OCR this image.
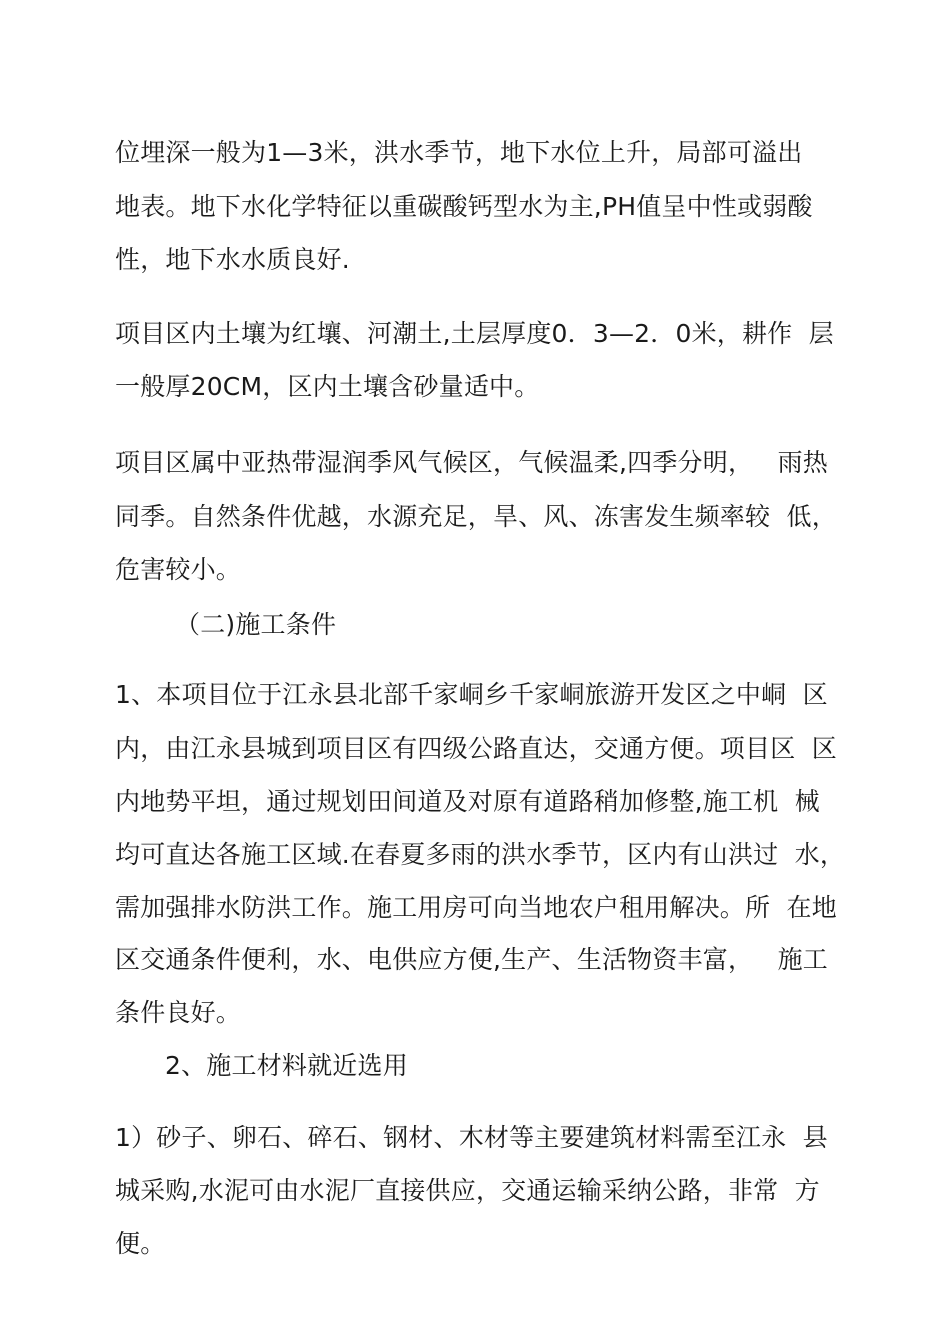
位埋深一般为1—3米，洪水季节，地下水位上升，局部可溢出
地表。地下水化学特征以重碳酸钙型水为主,PH值呈中性或弱酸
性，地下水水质良好.
项目区内土壤为红壤、河潮土,土层厚度0．3—2．0米，耕作  层
一般厚20CM，区内土壤含砂量适中。
项目区属中亚热带湿润季风气候区，气候温柔,四季分明，   雨热
同季。自然条件优越，水源充足，旱、风、冻害发生频率较  低，
危害较小。
（二)施工条件
1、本项目位于江永县北部千家峒乡千家峒旅游开发区之中峒  区
内，由江永县城到项目区有四级公路直达，交通方便。项目区  区
内地势平坦，通过规划田间道及对原有道路稍加修整,施工机  械
均可直达各施工区域.在春夏多雨的洪水季节，区内有山洪过  水，
需加强排水防洪工作。施工用房可向当地农户租用解决。所  在地
区交通条件便利，水、电供应方便,生产、生活物资丰富，   施工
条件良好。
2、施工材料就近选用
1）砂子、卵石、碎石、钢材、木材等主要建筑材料需至江永  县
城采购,水泥可由水泥厂直接供应，交通运输采纳公路，非常  方
便。
